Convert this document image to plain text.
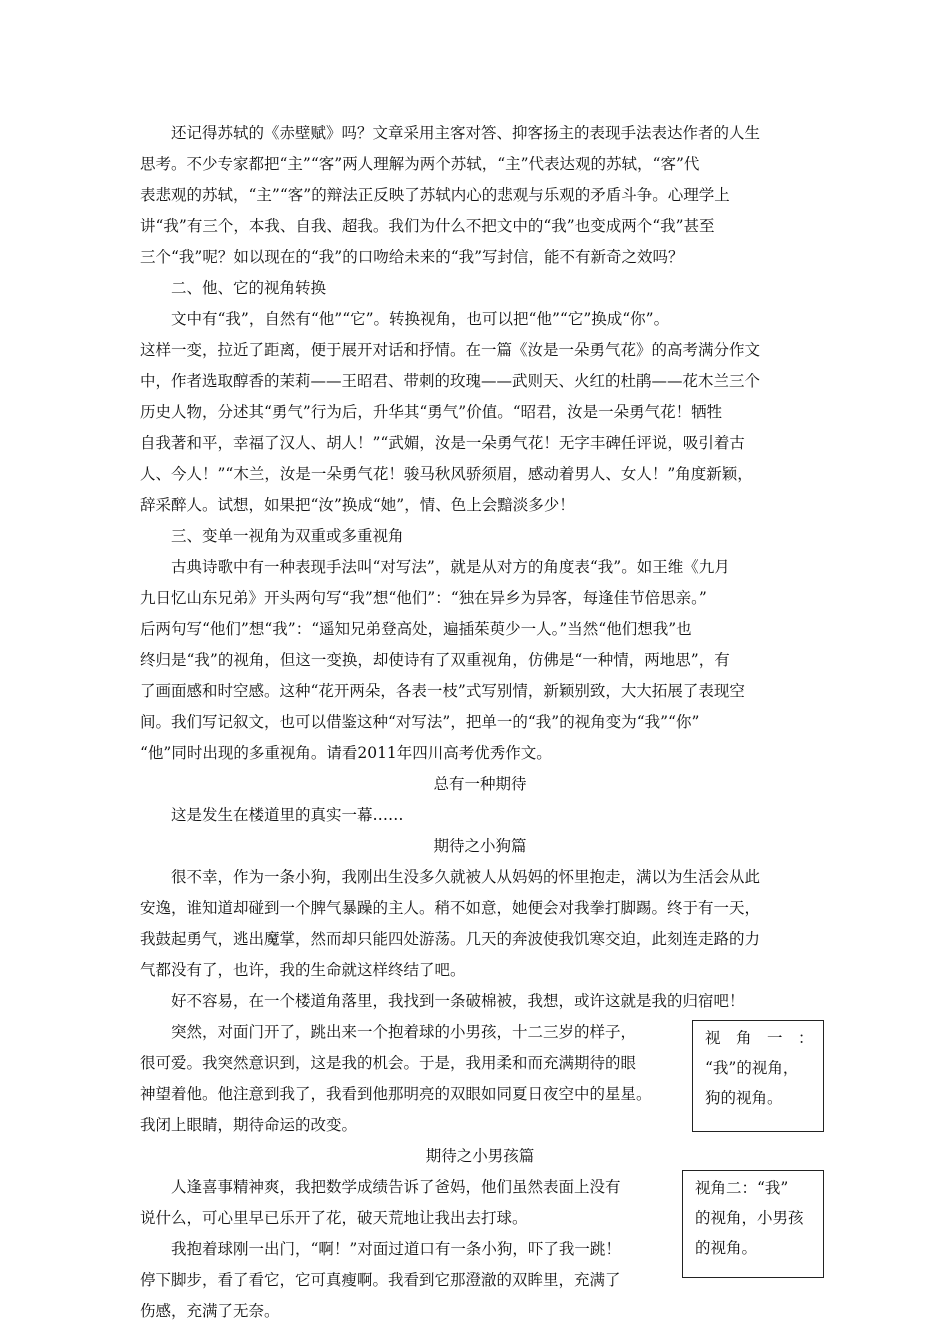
　　还记得苏轼的《赤壁赋》吗？文章采用主客对答、抑客扬主的表现手法表达作者的人生
思考。不少专家都把“主”“客”两人理解为两个苏轼，“主”代表达观的苏轼，“客”代
表悲观的苏轼，“主”“客”的辩法正反映了苏轼内心的悲观与乐观的矛盾斗争。心理学上
讲“我”有三个，本我、自我、超我。我们为什么不把文中的“我”也变成两个“我”甚至
三个“我”呢？如以现在的“我”的口吻给未来的“我”写封信，能不有新奇之效吗？
　　二、他、它的视角转换
　　文中有“我”，自然有“他”“它”。转换视角，也可以把“他”“它”换成“你”。
这样一变，拉近了距离，便于展开对话和抒情。在一篇《汝是一朵勇气花》的高考满分作文
中，作者选取醇香的茉莉——王昭君、带刺的玫瑰——武则天、火红的杜鹃——花木兰三个
历史人物，分述其“勇气”行为后，升华其“勇气”价值。“昭君，汝是一朵勇气花！牺牲
自我著和平，幸福了汉人、胡人！”“武媚，汝是一朵勇气花！无字丰碑任评说，吸引着古
人、今人！”“木兰，汝是一朵勇气花！骏马秋风骄须眉，感动着男人、女人！”角度新颖，
辞采醉人。试想，如果把“汝”换成“她”，情、色上会黯淡多少！
　　三、变单一视角为双重或多重视角
　　古典诗歌中有一种表现手法叫“对写法”，就是从对方的角度表“我”。如王维《九月
九日忆山东兄弟》开头两句写“我”想“他们”：“独在异乡为异客，每逢佳节倍思亲。”
后两句写“他们”想“我”：“遥知兄弟登高处，遍插茱萸少一人。”当然“他们想我”也
终归是“我”的视角，但这一变换，却使诗有了双重视角，仿佛是“一种情，两地思”，有
了画面感和时空感。这种“花开两朵，各表一枝”式写别情，新颖别致，大大拓展了表现空
间。我们写记叙文，也可以借鉴这种“对写法”，把单一的“我”的视角变为“我”“你”
“他”同时出现的多重视角。请看2011年四川高考优秀作文。
总有一种期待
　　这是发生在楼道里的真实一幕……
期待之小狗篇
　　很不幸，作为一条小狗，我刚出生没多久就被人从妈妈的怀里抱走，满以为生活会从此
安逸，谁知道却碰到一个脾气暴躁的主人。稍不如意，她便会对我拳打脚踢。终于有一天，
我鼓起勇气，逃出魔掌，然而却只能四处游荡。几天的奔波使我饥寒交迫，此刻连走路的力
气都没有了，也许，我的生命就这样终结了吧。
　　好不容易，在一个楼道角落里，我找到一条破棉被，我想，或许这就是我的归宿吧！
　　突然，对面门开了，跳出来一个抱着球的小男孩，十二三岁的样子，
很可爱。我突然意识到，这是我的机会。于是，我用柔和而充满期待的眼
神望着他。他注意到我了，我看到他那明亮的双眼如同夏日夜空中的星星。
我闭上眼睛，期待命运的改变。
视　角　一　：
“我”的视角，
狗的视角。
期待之小男孩篇
　　人逢喜事精神爽，我把数学成绩告诉了爸妈，他们虽然表面上没有
说什么，可心里早已乐开了花，破天荒地让我出去打球。
　　我抱着球刚一出门，“啊！”对面过道口有一条小狗，吓了我一跳！
停下脚步，看了看它，它可真瘦啊。我看到它那澄澈的双眸里，充满了
伤感，充满了无奈。
视角二：“我”
的视角，小男孩
的视角。
